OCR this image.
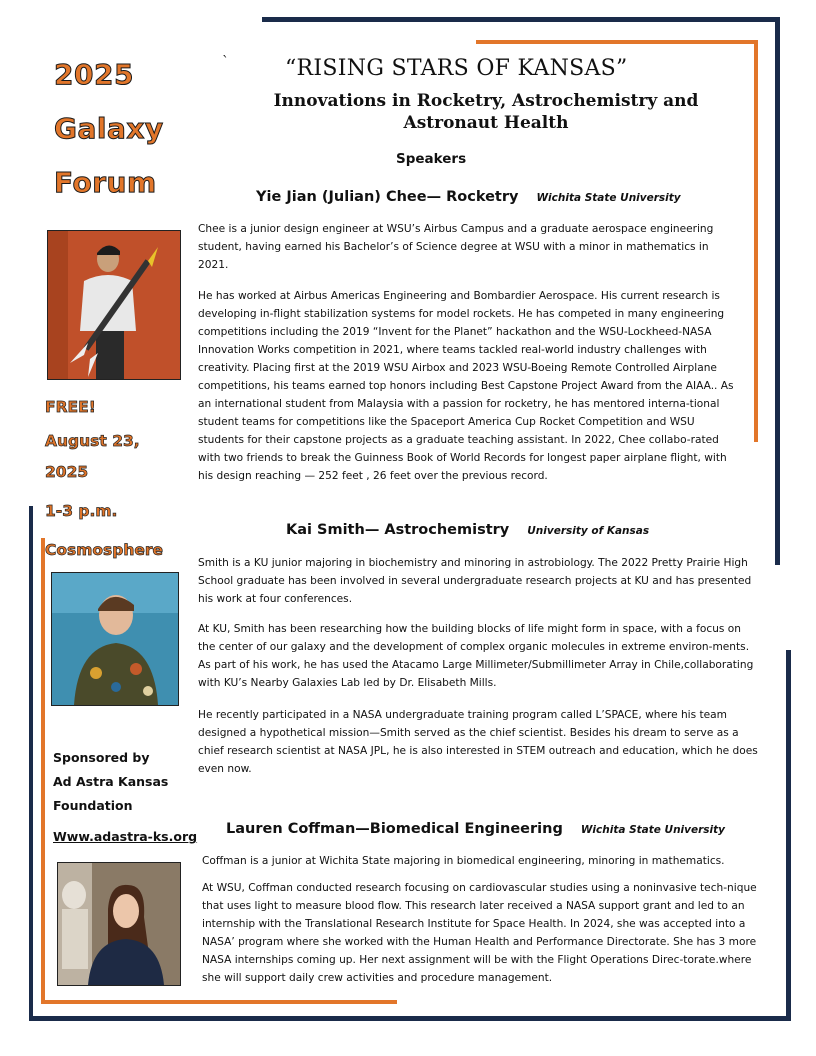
2025
Galaxy
Forum
FREE!
August 23,
2025
1-3 p.m.
Cosmosphere
Sponsored by
Ad Astra Kansas
Foundation
Www.adastra-ks.org
`	“RISING STARS OF KANSAS”
Innovations in Rocketry, Astrochemistry and Astronaut Health
Speakers
Yie Jian (Julian) Chee— Rocketry Wichita State University

Chee is a junior design engineer at WSU’s Airbus Campus and a graduate aerospace engineering student, having earned his Bachelor’s of Science degree at WSU with a minor in mathematics in 2021.

He has worked at Airbus Americas Engineering and Bombardier Aerospace. His current research is developing in-flight stabilization systems for model rockets. He has competed in many engineering competitions including the 2019 “Invent for the Planet” hackathon and the WSU-Lockheed-NASA Innovation Works competition in 2021, where teams tackled real-world industry challenges with creativity. Placing first at the 2019 WSU Airbox and 2023 WSU-Boeing Remote Controlled Airplane competitions, his teams earned top honors including Best Capstone Project Award from the AIAA.. As an international student from Malaysia with a passion for rocketry, he has mentored interna-tional student teams for competitions like the Spaceport America Cup Rocket Competition and WSU students for their capstone projects as a graduate teaching assistant. In 2022, Chee collabo-rated with two friends to break the Guinness Book of World Records for longest paper airplane flight, with his design reaching — 252 feet , 26 feet over the previous record.

Kai Smith— Astrochemistry University of Kansas

Smith is a KU junior majoring in biochemistry and minoring in astrobiology. The 2022 Pretty Prairie High School graduate has been involved in several undergraduate research projects at KU and has presented his work at four conferences.

At KU, Smith has been researching how the building blocks of life might form in space, with a focus on the center of our galaxy and the development of complex organic molecules in extreme environ-ments. As part of his work, he has used the Atacamo Large Millimeter/Submillimeter Array in Chile,collaborating with KU’s Nearby Galaxies Lab led by Dr. Elisabeth Mills.

He recently participated in a NASA undergraduate training program called L’SPACE, where his team designed a hypothetical mission—Smith served as the chief scientist. Besides his dream to serve as a chief research scientist at NASA JPL, he is also interested in STEM outreach and education, which he does even now.

Lauren Coffman—Biomedical Engineering Wichita State University

Coffman is a junior at Wichita State majoring in biomedical engineering, minoring in mathematics.

At WSU, Coffman conducted research focusing on cardiovascular studies using a noninvasive tech-nique that uses light to measure blood flow. This research later received a NASA support grant and led to an internship with the Translational Research Institute for Space Health. In 2024, she was accepted into a NASA’ program where she worked with the Human Health and Performance Directorate. She has 3 more NASA internships coming up. Her next assignment will be with the Flight Operations Direc-torate.where she will support daily crew activities and procedure management.
